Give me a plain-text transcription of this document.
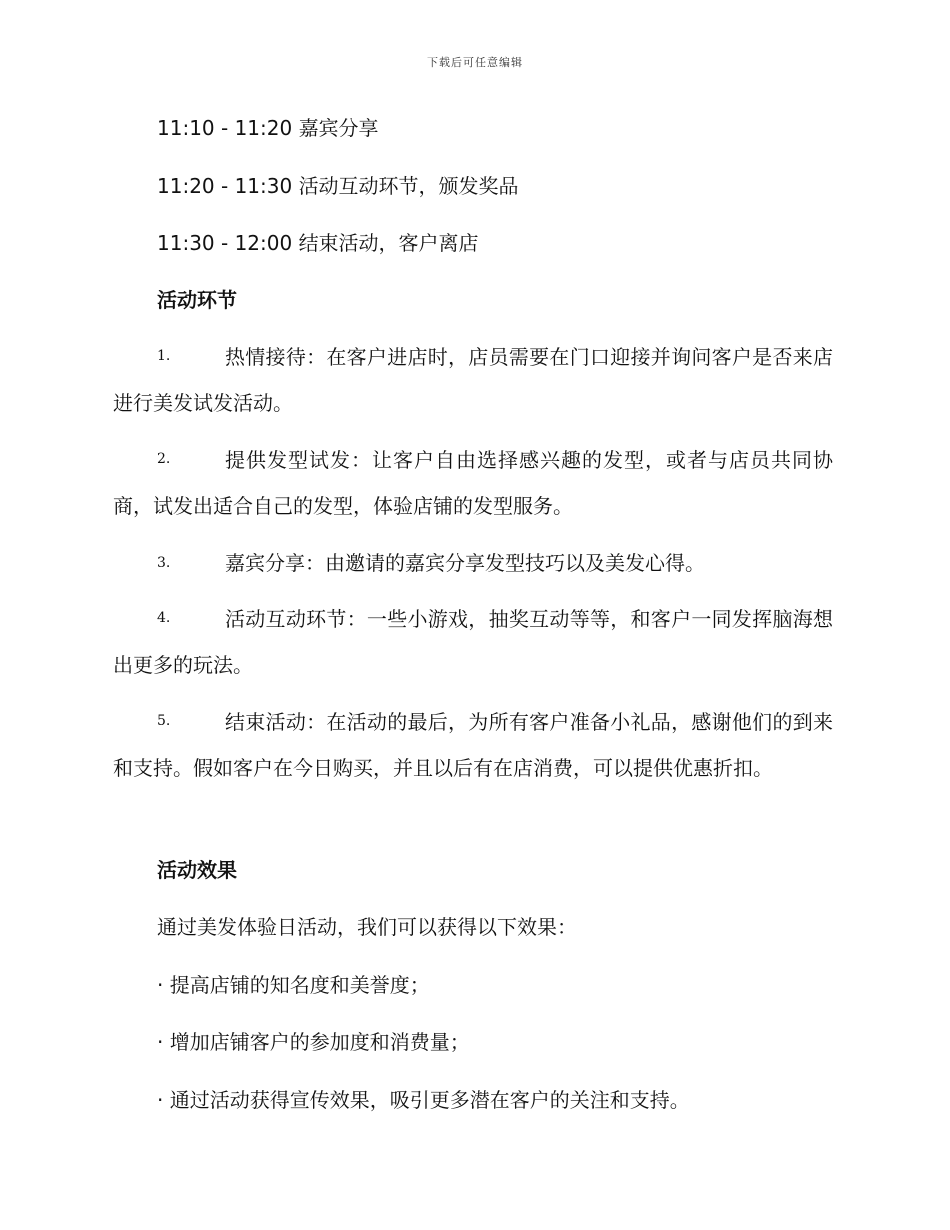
下载后可任意编辑
11:10 - 11:20 嘉宾分享
11:20 - 11:30 活动互动环节，颁发奖品
11:30 - 12:00 结束活动，客户离店
活动环节
1.	热情接待：在客户进店时，店员需要在门口迎接并询问客户是否来店进行美发试发活动。

2.	提供发型试发：让客户自由选择感兴趣的发型，或者与店员共同协商，试发出适合自己的发型，体验店铺的发型服务。

3.	嘉宾分享：由邀请的嘉宾分享发型技巧以及美发心得。

4.	活动互动环节：一些小游戏，抽奖互动等等，和客户一同发挥脑海想出更多的玩法。

5.	结束活动：在活动的最后，为所有客户准备小礼品，感谢他们的到来和支持。假如客户在今日购买，并且以后有在店消费，可以提供优惠折扣。

活动效果
通过美发体验日活动，我们可以获得以下效果：
· 提高店铺的知名度和美誉度；
· 增加店铺客户的参加度和消费量；
· 通过活动获得宣传效果，吸引更多潜在客户的关注和支持。
